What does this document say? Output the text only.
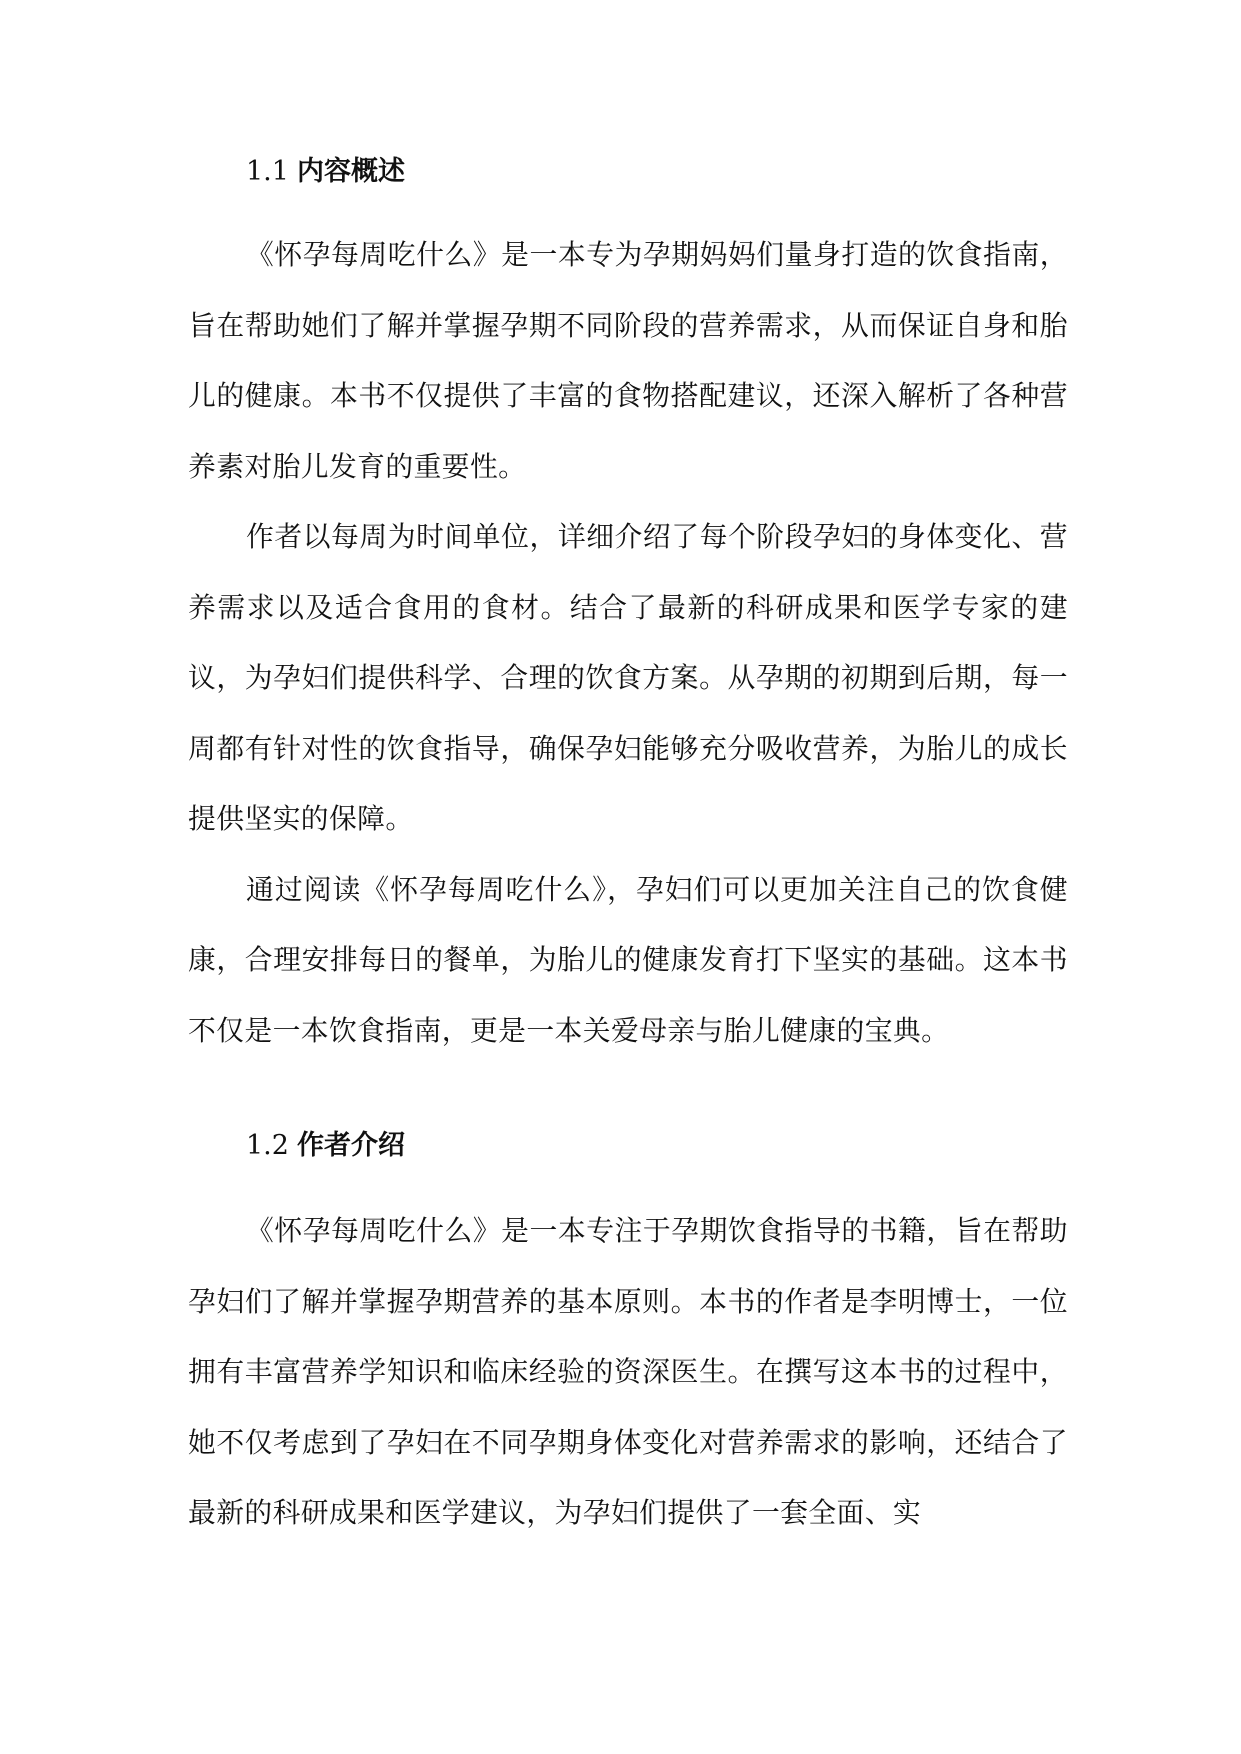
1.1 内容概述

《怀孕每周吃什么》是一本专为孕期妈妈们量身打造的饮食指南，旨在帮助她们了解并掌握孕期不同阶段的营养需求，从而保证自身和胎儿的健康。本书不仅提供了丰富的食物搭配建议，还深入解析了各种营养素对胎儿发育的重要性。

作者以每周为时间单位，详细介绍了每个阶段孕妇的身体变化、营养需求以及适合食用的食材。结合了最新的科研成果和医学专家的建议，为孕妇们提供科学、合理的饮食方案。从孕期的初期到后期，每一周都有针对性的饮食指导，确保孕妇能够充分吸收营养，为胎儿的成长提供坚实的保障。

通过阅读《怀孕每周吃什么》，孕妇们可以更加关注自己的饮食健康，合理安排每日的餐单，为胎儿的健康发育打下坚实的基础。这本书不仅是一本饮食指南，更是一本关爱母亲与胎儿健康的宝典。

1.2 作者介绍

《怀孕每周吃什么》是一本专注于孕期饮食指导的书籍，旨在帮助孕妇们了解并掌握孕期营养的基本原则。本书的作者是李明博士，一位拥有丰富营养学知识和临床经验的资深医生。在撰写这本书的过程中，她不仅考虑到了孕妇在不同孕期身体变化对营养需求的影响，还结合了最新的科研成果和医学建议，为孕妇们提供了一套全面、实
